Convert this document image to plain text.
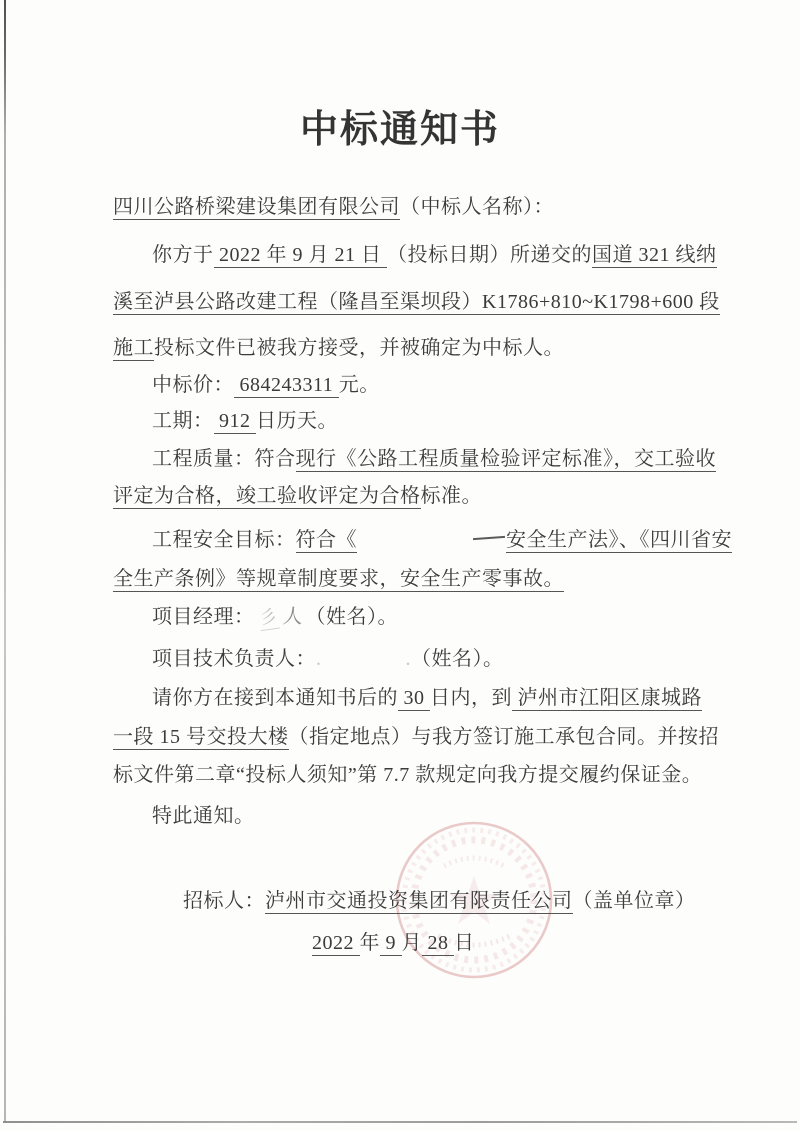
中标通知书
四川公路桥梁建设集团有限公司（中标人名称）：
你方于 2022 年 9 月 21 日 （投标日期）所递交的国道 321 线纳
溪至泸县公路改建工程（隆昌至渠坝段）K1786+810~K1798+600 段
施工投标文件已被我方接受，并被确定为中标人。
中标价： 684243311 元。
工期： 912 日历天。
工程质量：符合现行《公路工程质量检验评定标准》，交工验收
评定为合格，竣工验收评定为合格标准。
工程安全目标：符合《	安全生产法》、《四川省安
全生产条例》等规章制度要求，安全生产零事故。
项目经理： 彡 人（姓名）。
项目技术负责人：.	.（姓名）。
请你方在接到本通知书后的 30 日内，到 泸州市江阳区康城路
一段 15 号交投大楼（指定地点）与我方签订施工承包合同。并按招
标文件第二章“投标人须知”第 7.7 款规定向我方提交履约保证金。
特此通知。
招标人：泸州市交通投资集团有限责任公司（盖单位章）
2022 年 9 月 28 日
